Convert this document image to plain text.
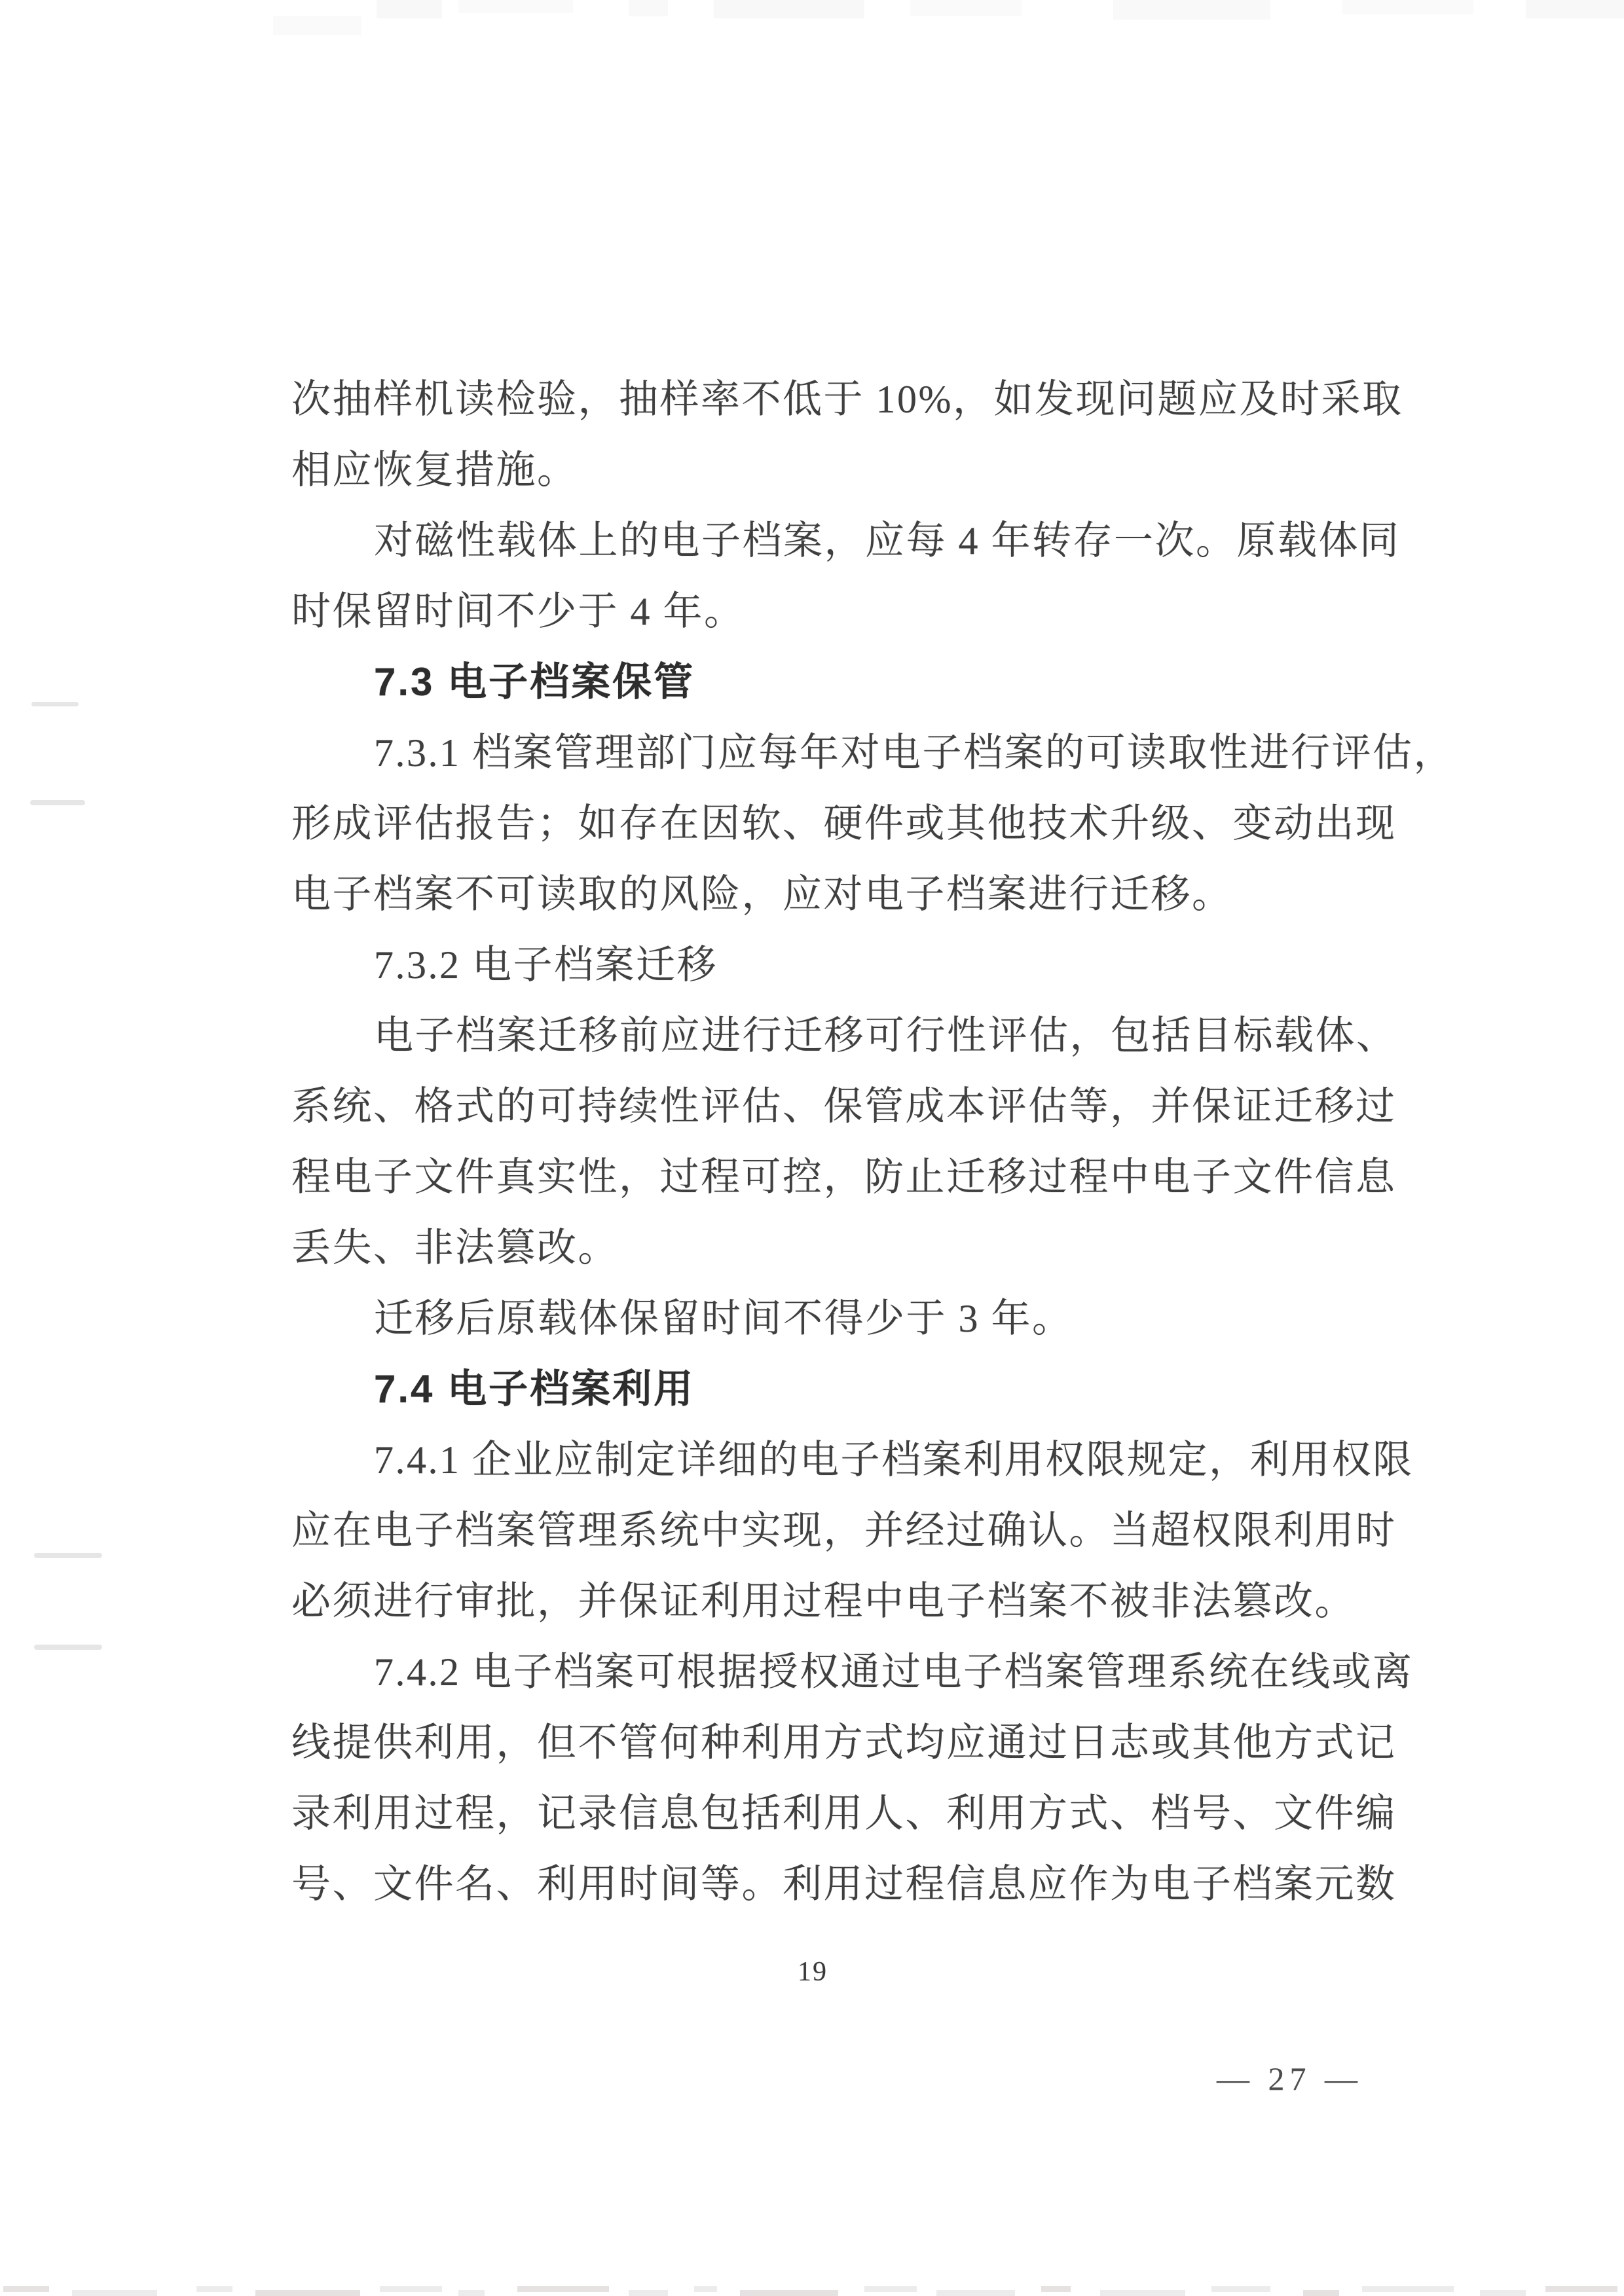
次抽样机读检验，抽样率不低于 10%，如发现问题应及时采取
相应恢复措施。
对磁性载体上的电子档案，应每 4 年转存一次。原载体同
时保留时间不少于 4 年。
7.3 电子档案保管
7.3.1 档案管理部门应每年对电子档案的可读取性进行评估，
形成评估报告；如存在因软、硬件或其他技术升级、变动出现
电子档案不可读取的风险，应对电子档案进行迁移。
7.3.2 电子档案迁移
电子档案迁移前应进行迁移可行性评估，包括目标载体、
系统、格式的可持续性评估、保管成本评估等，并保证迁移过
程电子文件真实性，过程可控，防止迁移过程中电子文件信息
丢失、非法篡改。
迁移后原载体保留时间不得少于 3 年。
7.4 电子档案利用
7.4.1 企业应制定详细的电子档案利用权限规定，利用权限
应在电子档案管理系统中实现，并经过确认。当超权限利用时
必须进行审批，并保证利用过程中电子档案不被非法篡改。
7.4.2 电子档案可根据授权通过电子档案管理系统在线或离
线提供利用，但不管何种利用方式均应通过日志或其他方式记
录利用过程，记录信息包括利用人、利用方式、档号、文件编
号、文件名、利用时间等。利用过程信息应作为电子档案元数
19
— 27 —
